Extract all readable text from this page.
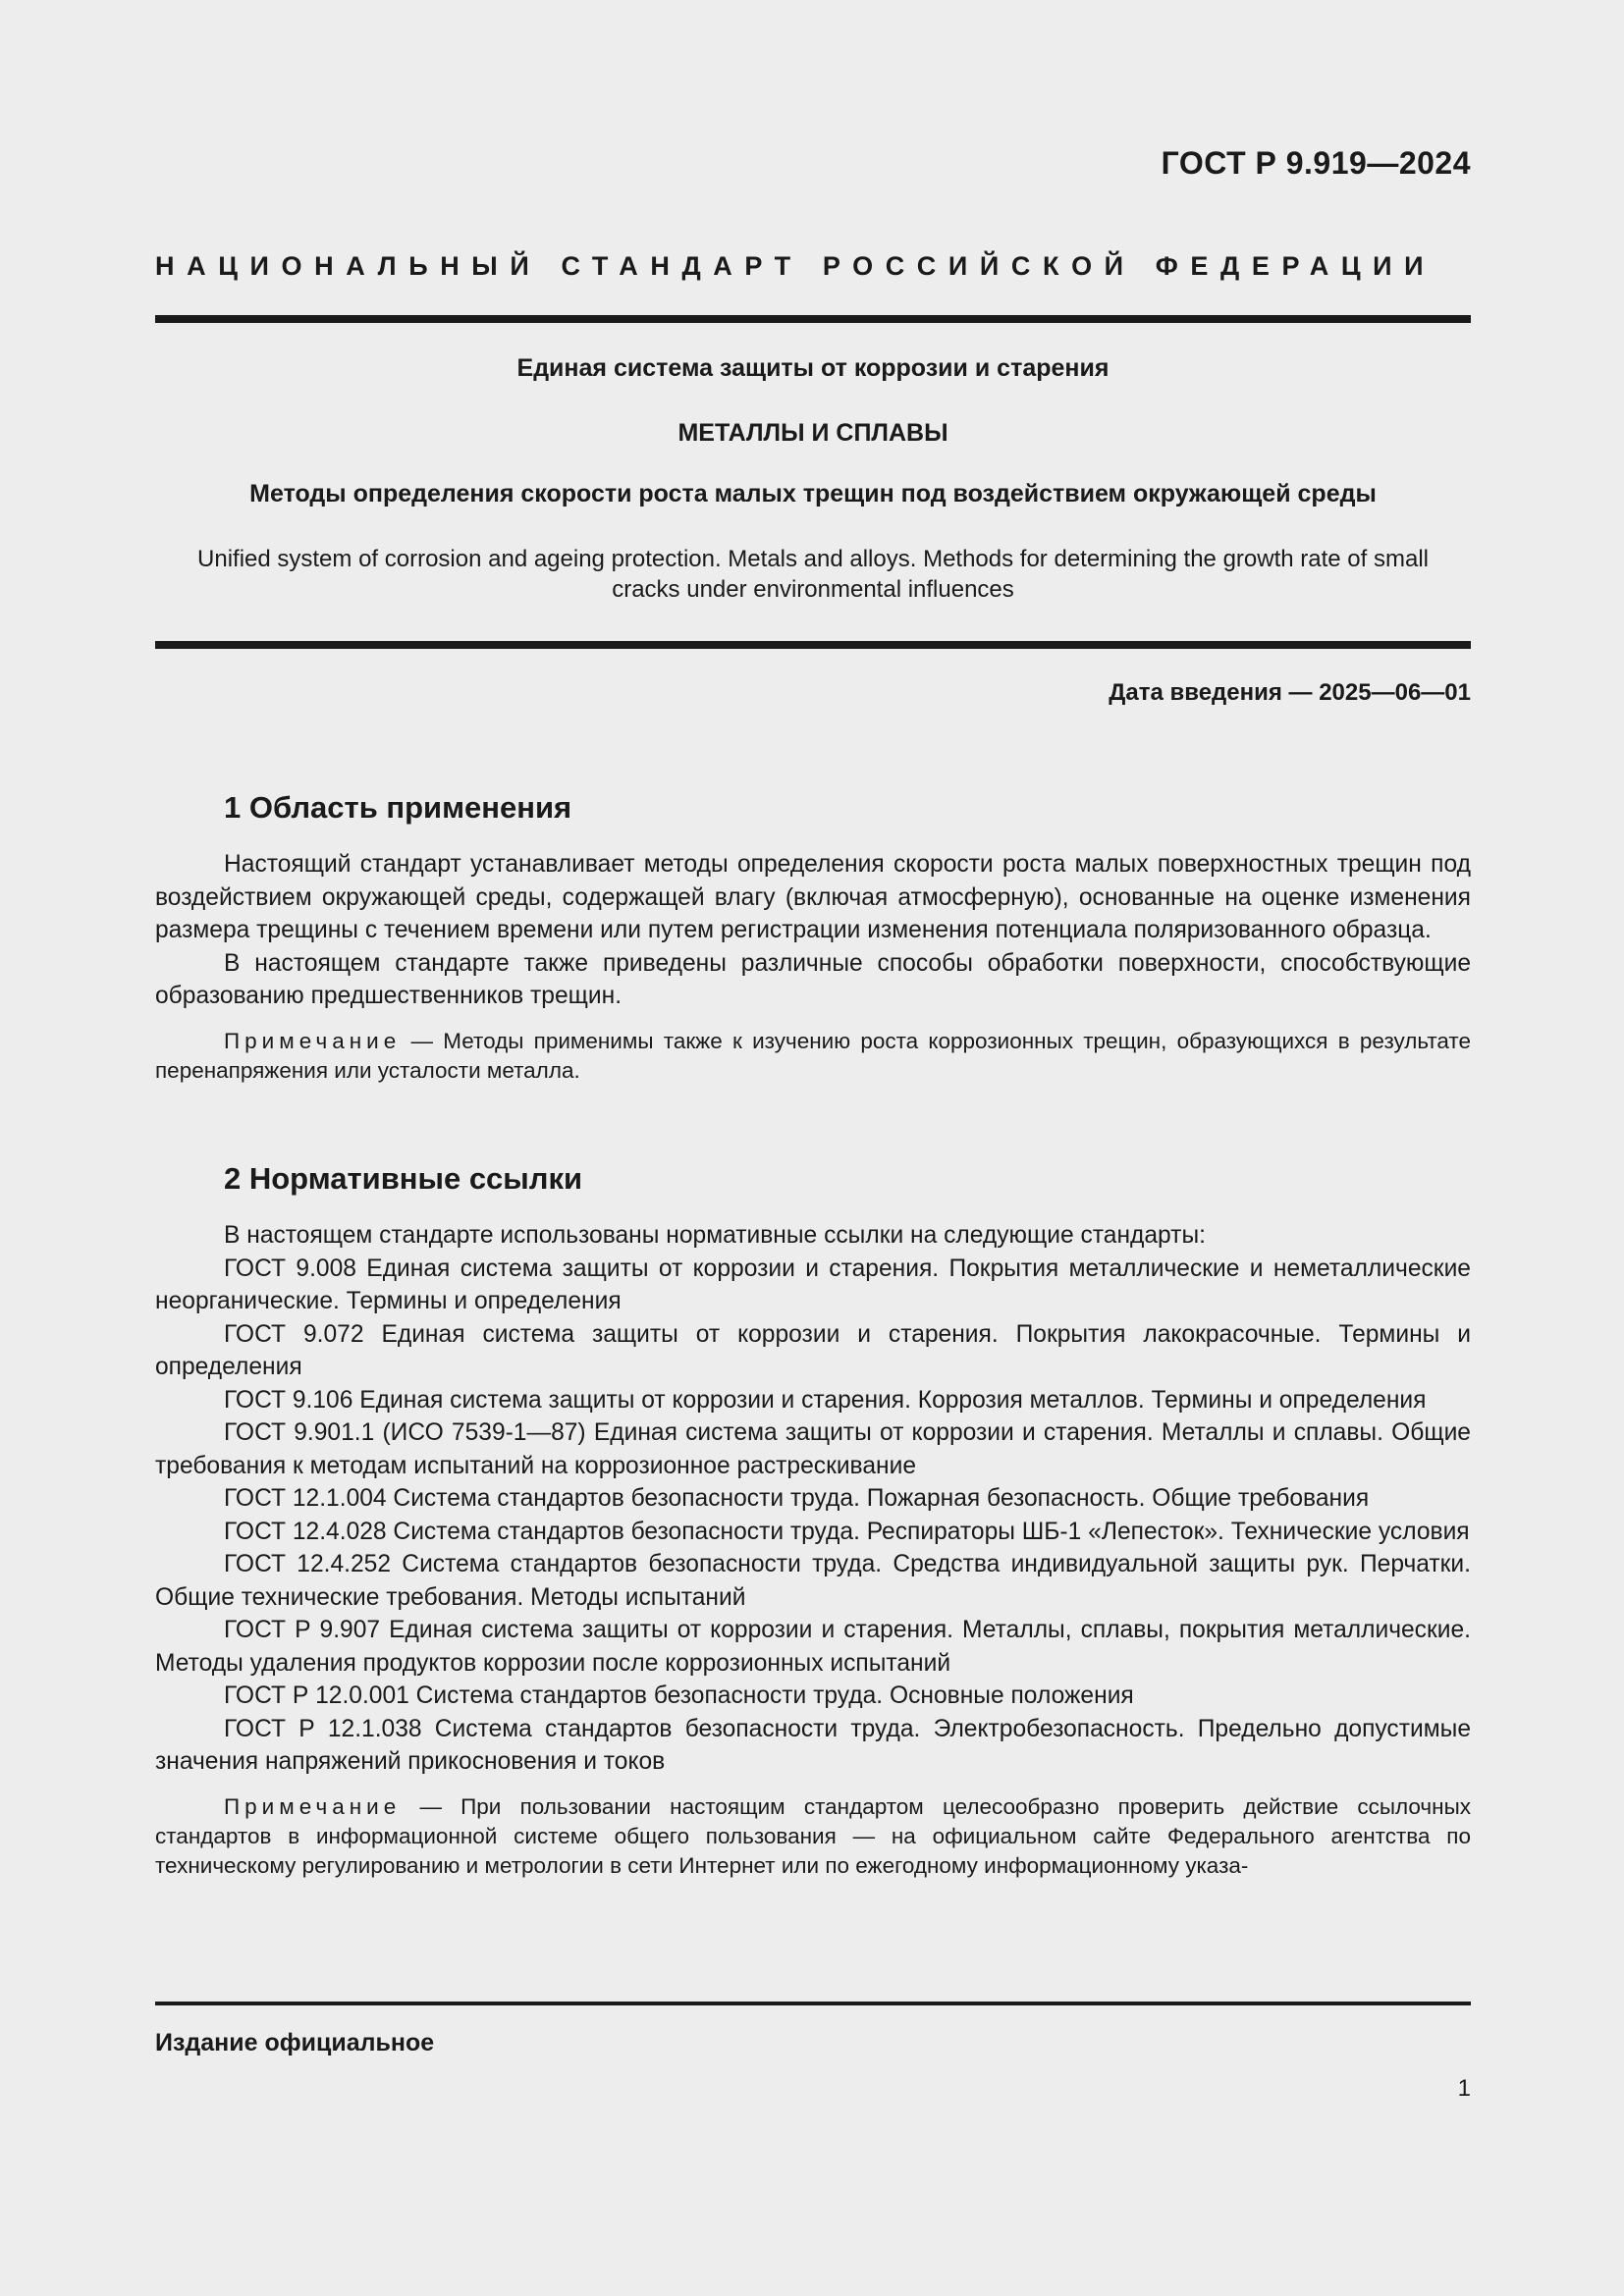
ГОСТ Р 9.919—2024
НАЦИОНАЛЬНЫЙ СТАНДАРТ РОССИЙСКОЙ ФЕДЕРАЦИИ
Единая система защиты от коррозии и старения
МЕТАЛЛЫ И СПЛАВЫ
Методы определения скорости роста малых трещин под воздействием окружающей среды
Unified system of corrosion and ageing protection. Metals and alloys. Methods for determining the growth rate of small cracks under environmental influences
Дата введения — 2025—06—01
1 Область применения

Настоящий стандарт устанавливает методы определения скорости роста малых поверхностных трещин под воздействием окружающей среды, содержащей влагу (включая атмосферную), основанные на оценке изменения размера трещины с течением времени или путем регистрации изменения потенциала поляризованного образца.

В настоящем стандарте также приведены различные способы обработки поверхности, способствующие образованию предшественников трещин.

Примечание — Методы применимы также к изучению роста коррозионных трещин, образующихся в результате перенапряжения или усталости металла.

2 Нормативные ссылки

В настоящем стандарте использованы нормативные ссылки на следующие стандарты:

ГОСТ 9.008 Единая система защиты от коррозии и старения. Покрытия металлические и неметаллические неорганические. Термины и определения

ГОСТ 9.072 Единая система защиты от коррозии и старения. Покрытия лакокрасочные. Термины и определения

ГОСТ 9.106 Единая система защиты от коррозии и старения. Коррозия металлов. Термины и определения

ГОСТ 9.901.1 (ИСО 7539-1—87) Единая система защиты от коррозии и старения. Металлы и сплавы. Общие требования к методам испытаний на коррозионное растрескивание

ГОСТ 12.1.004 Система стандартов безопасности труда. Пожарная безопасность. Общие требования

ГОСТ 12.4.028 Система стандартов безопасности труда. Респираторы ШБ-1 «Лепесток». Технические условия

ГОСТ 12.4.252 Система стандартов безопасности труда. Средства индивидуальной защиты рук. Перчатки. Общие технические требования. Методы испытаний

ГОСТ Р 9.907 Единая система защиты от коррозии и старения. Металлы, сплавы, покрытия металлические. Методы удаления продуктов коррозии после коррозионных испытаний

ГОСТ Р 12.0.001 Система стандартов безопасности труда. Основные положения

ГОСТ Р 12.1.038 Система стандартов безопасности труда. Электробезопасность. Предельно допустимые значения напряжений прикосновения и токов

Примечание — При пользовании настоящим стандартом целесообразно проверить действие ссылочных стандартов в информационной системе общего пользования — на официальном сайте Федерального агентства по техническому регулированию и метрологии в сети Интернет или по ежегодному информационному указа-

Издание официальное
1
